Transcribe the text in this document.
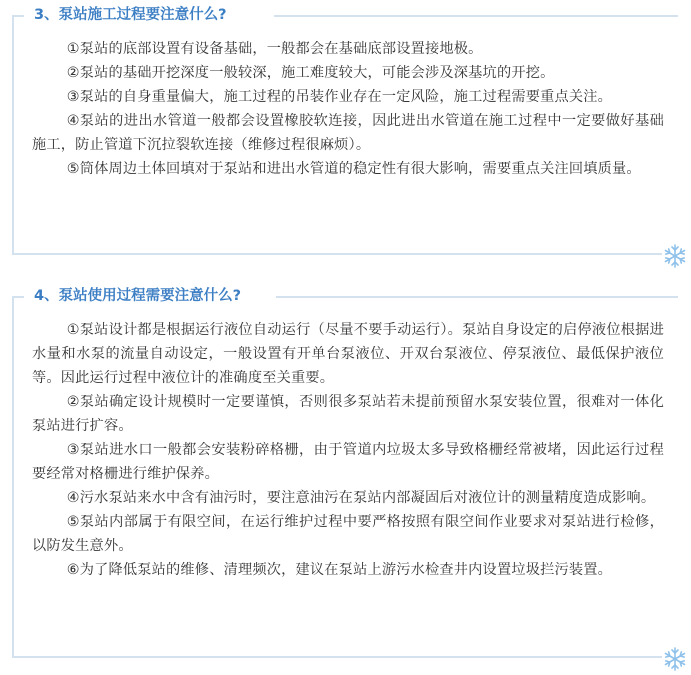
3、泵站施工过程要注意什么?

①泵站的底部设置有设备基础，一般都会在基础底部设置接地极。

②泵站的基础开挖深度一般较深，施工难度较大，可能会涉及深基坑的开挖。

③泵站的自身重量偏大，施工过程的吊装作业存在一定风险，施工过程需要重点关注。

④泵站的进出水管道一般都会设置橡胶软连接，因此进出水管道在施工过程中一定要做好基础施工，防止管道下沉拉裂软连接（维修过程很麻烦）。

⑤筒体周边土体回填对于泵站和进出水管道的稳定性有很大影响，需要重点关注回填质量。

4、泵站使用过程需要注意什么?

①泵站设计都是根据运行液位自动运行（尽量不要手动运行）。泵站自身设定的启停液位根据进水量和水泵的流量自动设定，一般设置有开单台泵液位、开双台泵液位、停泵液位、最低保护液位等。因此运行过程中液位计的准确度至关重要。

②泵站确定设计规模时一定要谨慎，否则很多泵站若未提前预留水泵安装位置，很难对一体化泵站进行扩容。

③泵站进水口一般都会安装粉碎格栅，由于管道内垃圾太多导致格栅经常被堵，因此运行过程要经常对格栅进行维护保养。

④污水泵站来水中含有油污时，要注意油污在泵站内部凝固后对液位计的测量精度造成影响。

⑤泵站内部属于有限空间，在运行维护过程中要严格按照有限空间作业要求对泵站进行检修，以防发生意外。

⑥为了降低泵站的维修、清理频次，建议在泵站上游污水检查井内设置垃圾拦污装置。
